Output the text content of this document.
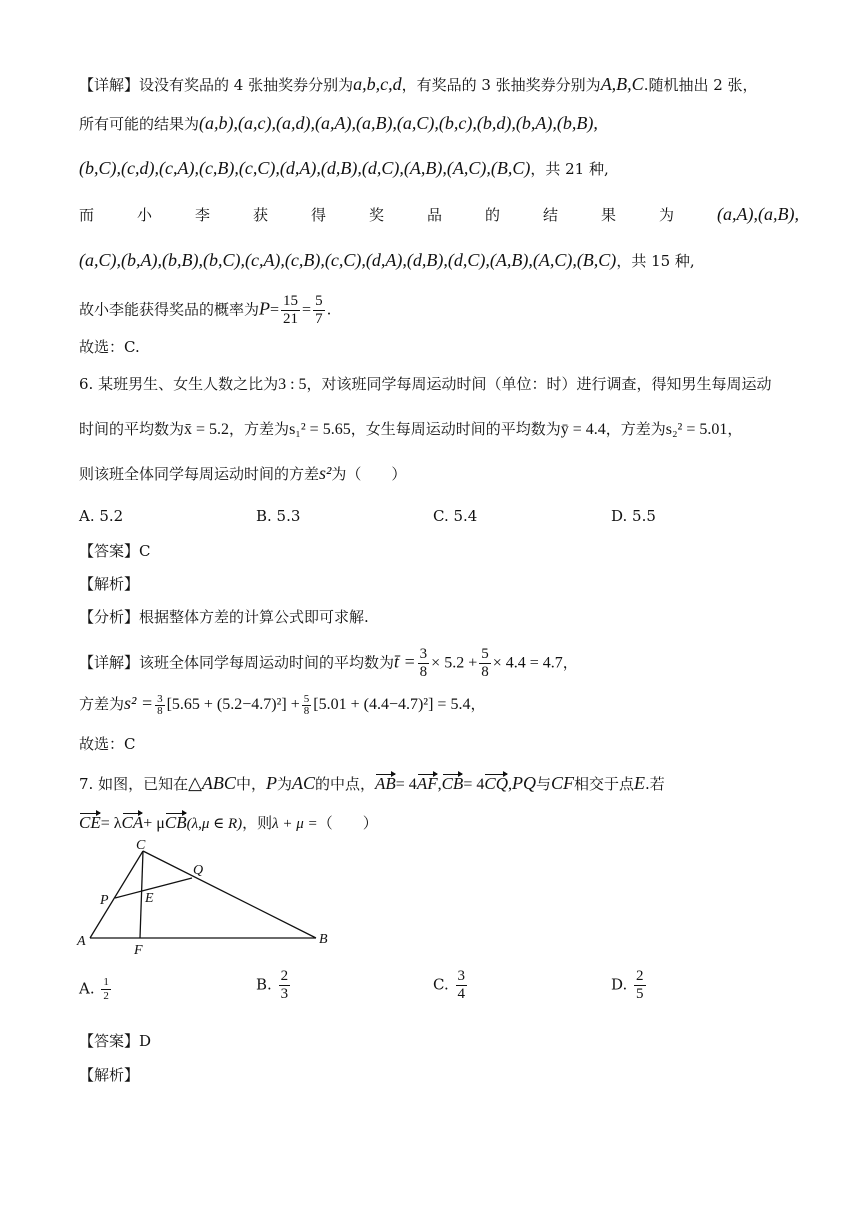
【详解】设没有奖品的 4 张抽奖券分别为a,b,c,d，有奖品的 3 张抽奖券分别为A,B,C.随机抽出 2 张，
所有可能的结果为(a,b),(a,c),(a,d),(a,A),(a,B),(a,C),(b,c),(b,d),(b,A),(b,B),
(b,C),(c,d),(c,A),(c,B),(c,C),(d,A),(d,B),(d,C),(A,B),(A,C),(B,C)，共 21 种,
而	小	李	获	得	奖	品	的	结	果	为 (a,A),(a,B),
(a,C),(b,A),(b,B),(b,C),(c,A),(c,B),(c,C),(d,A),(d,B),(d,C),(A,B),(A,C),(B,C)，共 15 种,
故小李能获得奖品的概率为$P= \frac{15}{21} = \frac{5}{7}$ .
故选：C.
6. 某班男生、女生人数之比为3 : 5，对该班同学每周运动时间（单位：时）进行调查，得知男生每周运动
时间的平均数为x̄ = 5.2，方差为s₁² = 5.65，女生每周运动时间的平均数为ȳ = 4.4，方差为s₂² = 5.01，
则该班全体同学每周运动时间的方差s²为（　　）
A. 5.2	B. 5.3	C. 5.4	D. 5.5
【答案】C
【解析】
【分析】根据整体方差的计算公式即可求解.
【详解】该班全体同学每周运动时间的平均数为t̄ = $\frac{3}{8} \times 5.2 + \frac{5}{8} \times 4.4 = 4.7$，
方差为$s^2 = \frac{3}{8} [5.65 + (5.2-4.7)^2] + \frac{5}{8} [5.01 + (4.4-4.7)^2] = 5.4$，
故选：C
7. 如图，已知在△ABC中，P为AC的中点，AB= 4AF,CB= 4CQ,PQ与CF相交于点E.若
CE= λCA+ μCB(λ,μ ∈ R)，则λ + μ =（　　）
C
Q
P	E
A
F
B
A. $\frac{1}{2}$	B. $\frac{2}{3}$	C. $\frac{3}{4}$	D. $\frac{2}{5}$
【答案】D
【解析】
